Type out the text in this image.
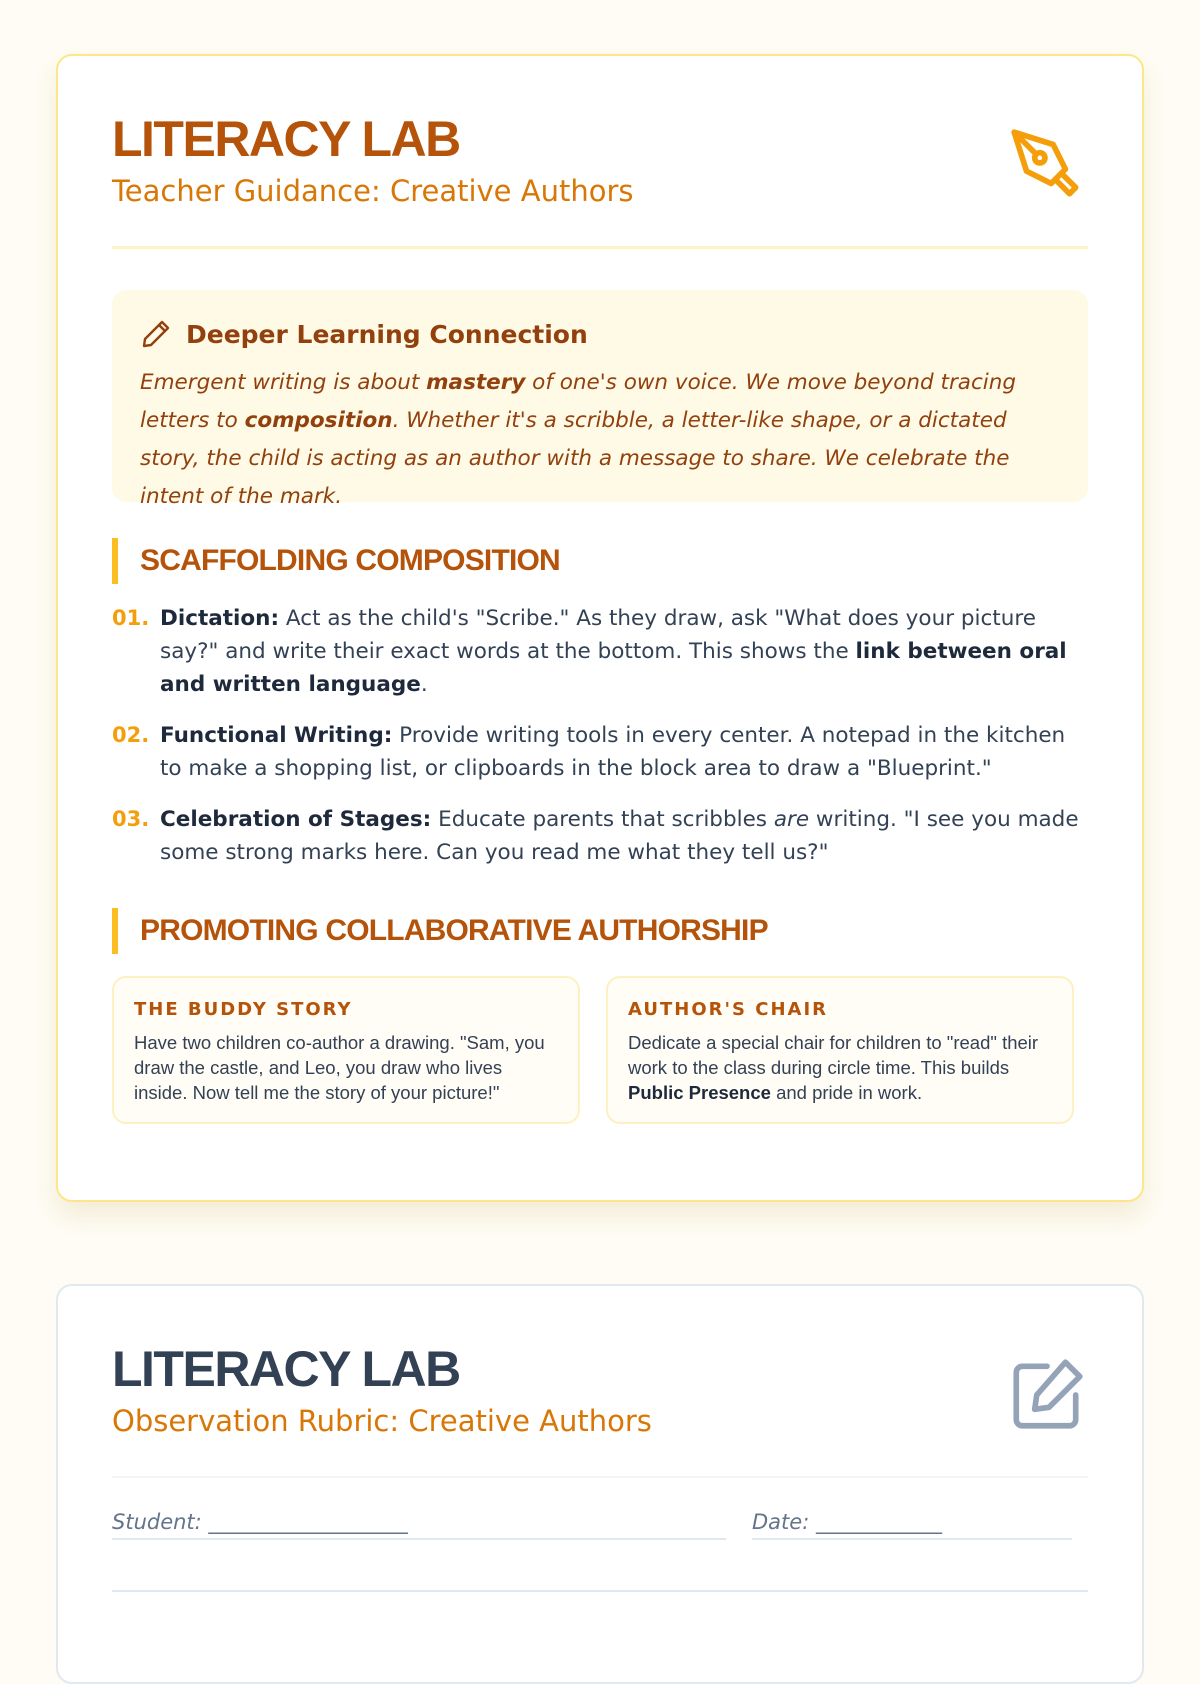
LITERACY LAB
Teacher Guidance: Creative Authors
Deeper Learning Connection
Emergent writing is about mastery of one's own voice. We move beyond tracing letters to composition. Whether it's a scribble, a letter-like shape, or a dictated story, the child is acting as an author with a message to share. We celebrate the intent of the mark.
SCAFFOLDING COMPOSITION
01. Dictation: Act as the child's "Scribe." As they draw, ask "What does your picture say?" and write their exact words at the bottom. This shows the link between oral and written language.
02. Functional Writing: Provide writing tools in every center. A notepad in the kitchen to make a shopping list, or clipboards in the block area to draw a "Blueprint."
03. Celebration of Stages: Educate parents that scribbles are writing. "I see you made some strong marks here. Can you read me what they tell us?"
PROMOTING COLLABORATIVE AUTHORSHIP
THE BUDDY STORY
Have two children co-author a drawing. "Sam, you draw the castle, and Leo, you draw who lives inside. Now tell me the story of your picture!"
AUTHOR'S CHAIR
Dedicate a special chair for children to "read" their work to the class during circle time. This builds Public Presence and pride in work.
LITERACY LAB
Observation Rubric: Creative Authors
Student: ___________________	Date: ____________
